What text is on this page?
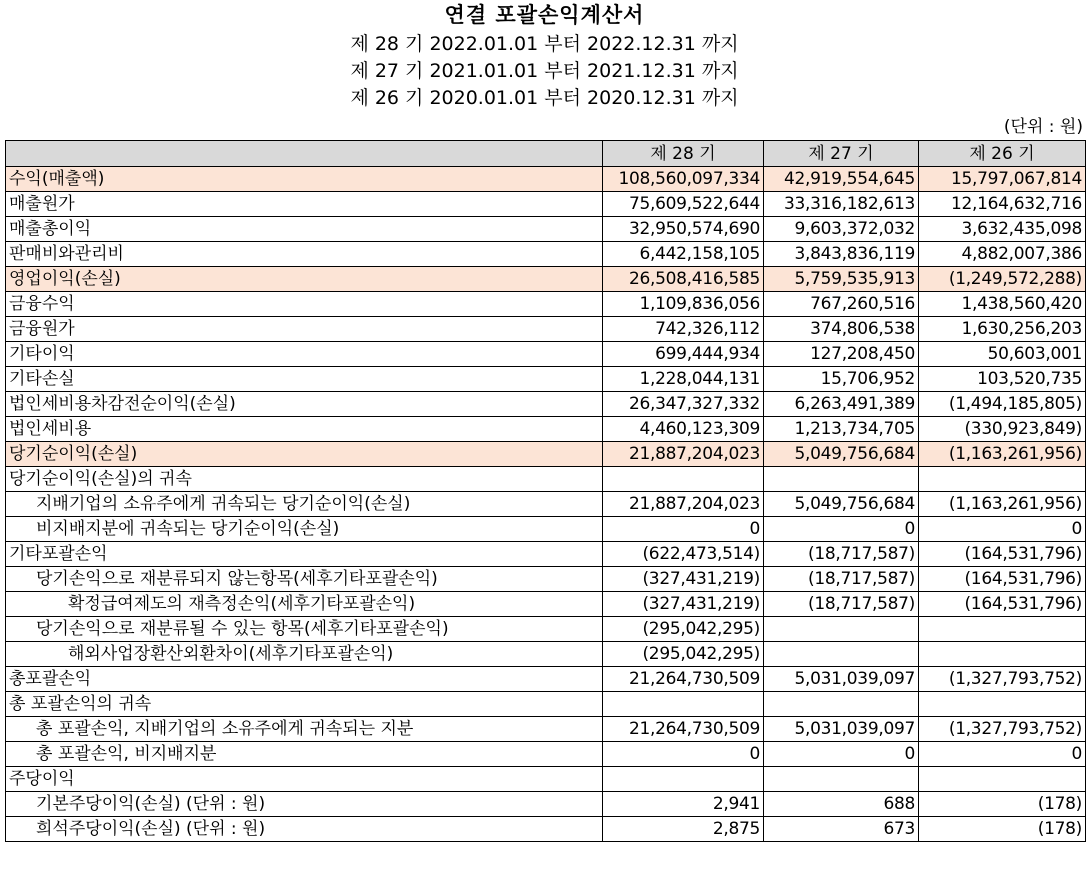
연결 포괄손익계산서
제 28 기 2022.01.01 부터 2022.12.31 까지
제 27 기 2021.01.01 부터 2021.12.31 까지
제 26 기 2020.01.01 부터 2020.12.31 까지
(단위 : 원)
	제 28 기	제 27 기	제 26 기
수익(매출액)	108,560,097,334	42,919,554,645	15,797,067,814
매출원가	75,609,522,644	33,316,182,613	12,164,632,716
매출총이익	32,950,574,690	9,603,372,032	3,632,435,098
판매비와관리비	6,442,158,105	3,843,836,119	4,882,007,386
영업이익(손실)	26,508,416,585	5,759,535,913	(1,249,572,288)
금융수익	1,109,836,056	767,260,516	1,438,560,420
금융원가	742,326,112	374,806,538	1,630,256,203
기타이익	699,444,934	127,208,450	50,603,001
기타손실	1,228,044,131	15,706,952	103,520,735
법인세비용차감전순이익(손실)	26,347,327,332	6,263,491,389	(1,494,185,805)
법인세비용	4,460,123,309	1,213,734,705	(330,923,849)
당기순이익(손실)	21,887,204,023	5,049,756,684	(1,163,261,956)
당기순이익(손실)의 귀속			
지배기업의 소유주에게 귀속되는 당기순이익(손실)	21,887,204,023	5,049,756,684	(1,163,261,956)
비지배지분에 귀속되는 당기순이익(손실)	0	0	0
기타포괄손익	(622,473,514)	(18,717,587)	(164,531,796)
당기손익으로 재분류되지 않는항목(세후기타포괄손익)	(327,431,219)	(18,717,587)	(164,531,796)
확정급여제도의 재측정손익(세후기타포괄손익)	(327,431,219)	(18,717,587)	(164,531,796)
당기손익으로 재분류될 수 있는 항목(세후기타포괄손익)	(295,042,295)		
해외사업장환산외환차이(세후기타포괄손익)	(295,042,295)		
총포괄손익	21,264,730,509	5,031,039,097	(1,327,793,752)
총 포괄손익의 귀속			
총 포괄손익, 지배기업의 소유주에게 귀속되는 지분	21,264,730,509	5,031,039,097	(1,327,793,752)
총 포괄손익, 비지배지분	0	0	0
주당이익			
기본주당이익(손실) (단위 : 원)	2,941	688	(178)
희석주당이익(손실) (단위 : 원)	2,875	673	(178)
